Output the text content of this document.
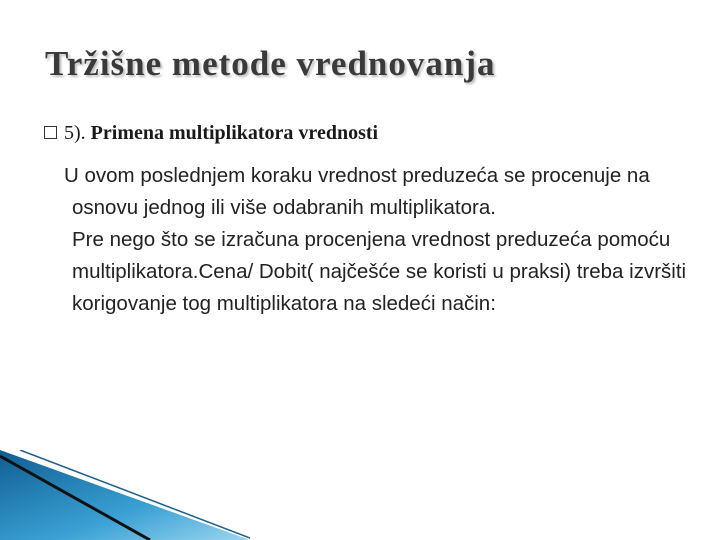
Tržišne metode vrednovanja
5). Primena multiplikatora vrednosti

U ovom poslednjem koraku vrednost preduzeća se procenuje na osnovu jednog ili više odabranih multiplikatora.

Pre nego što se izračuna procenjena vrednost preduzeća pomoću multiplikatora.Cena/ Dobit( najčešće se koristi u praksi) treba izvršiti korigovanje tog multiplikatora na sledeći način:
